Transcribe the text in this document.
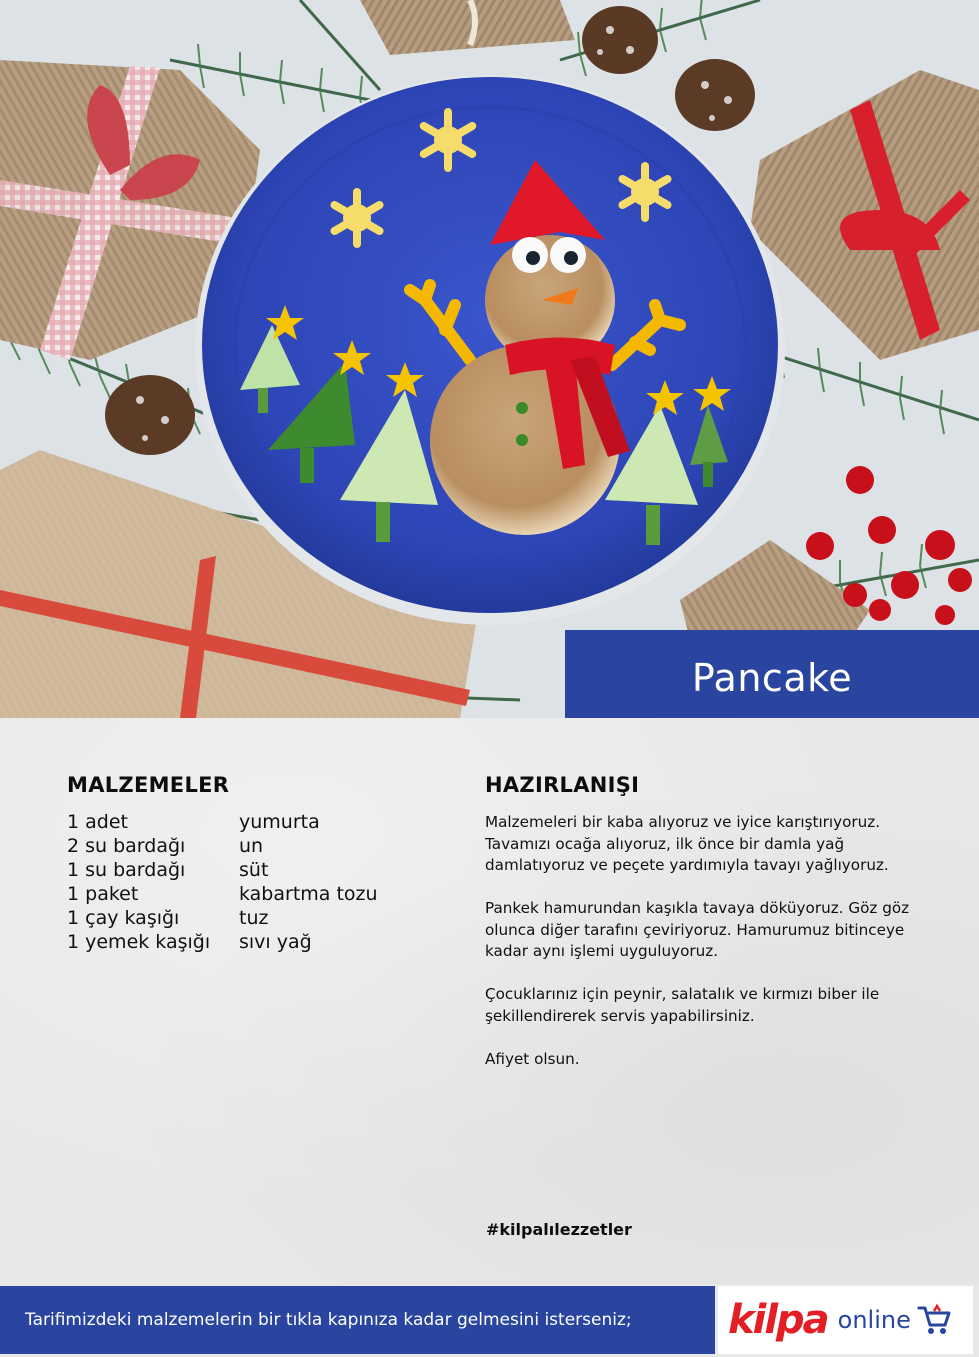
Pancake
MALZEMELER
1 adet	yumurta
2 su bardağı	un
1 su bardağı	süt
1 paket	kabartma tozu
1 çay kaşığı	tuz
1 yemek kaşığı	sıvı yağ
HAZIRLANIŞI

Malzemeleri bir kaba alıyoruz ve iyice karıştırıyoruz. Tavamızı ocağa alıyoruz, ilk önce bir damla yağ damlatıyoruz ve peçete yardımıyla tavayı yağlıyoruz.

Pankek hamurundan kaşıkla tavaya döküyoruz. Göz göz olunca diğer tarafını çeviriyoruz. Hamurumuz bitinceye kadar aynı işlemi uyguluyoruz.

Çocuklarınız için peynir, salatalık ve kırmızı biber ile şekillendirerek servis yapabilirsiniz.

Afiyet olsun.

#kilpalılezzetler
Tarifimizdeki malzemelerin bir tıkla kapınıza kadar gelmesini isterseniz; kilpa online
